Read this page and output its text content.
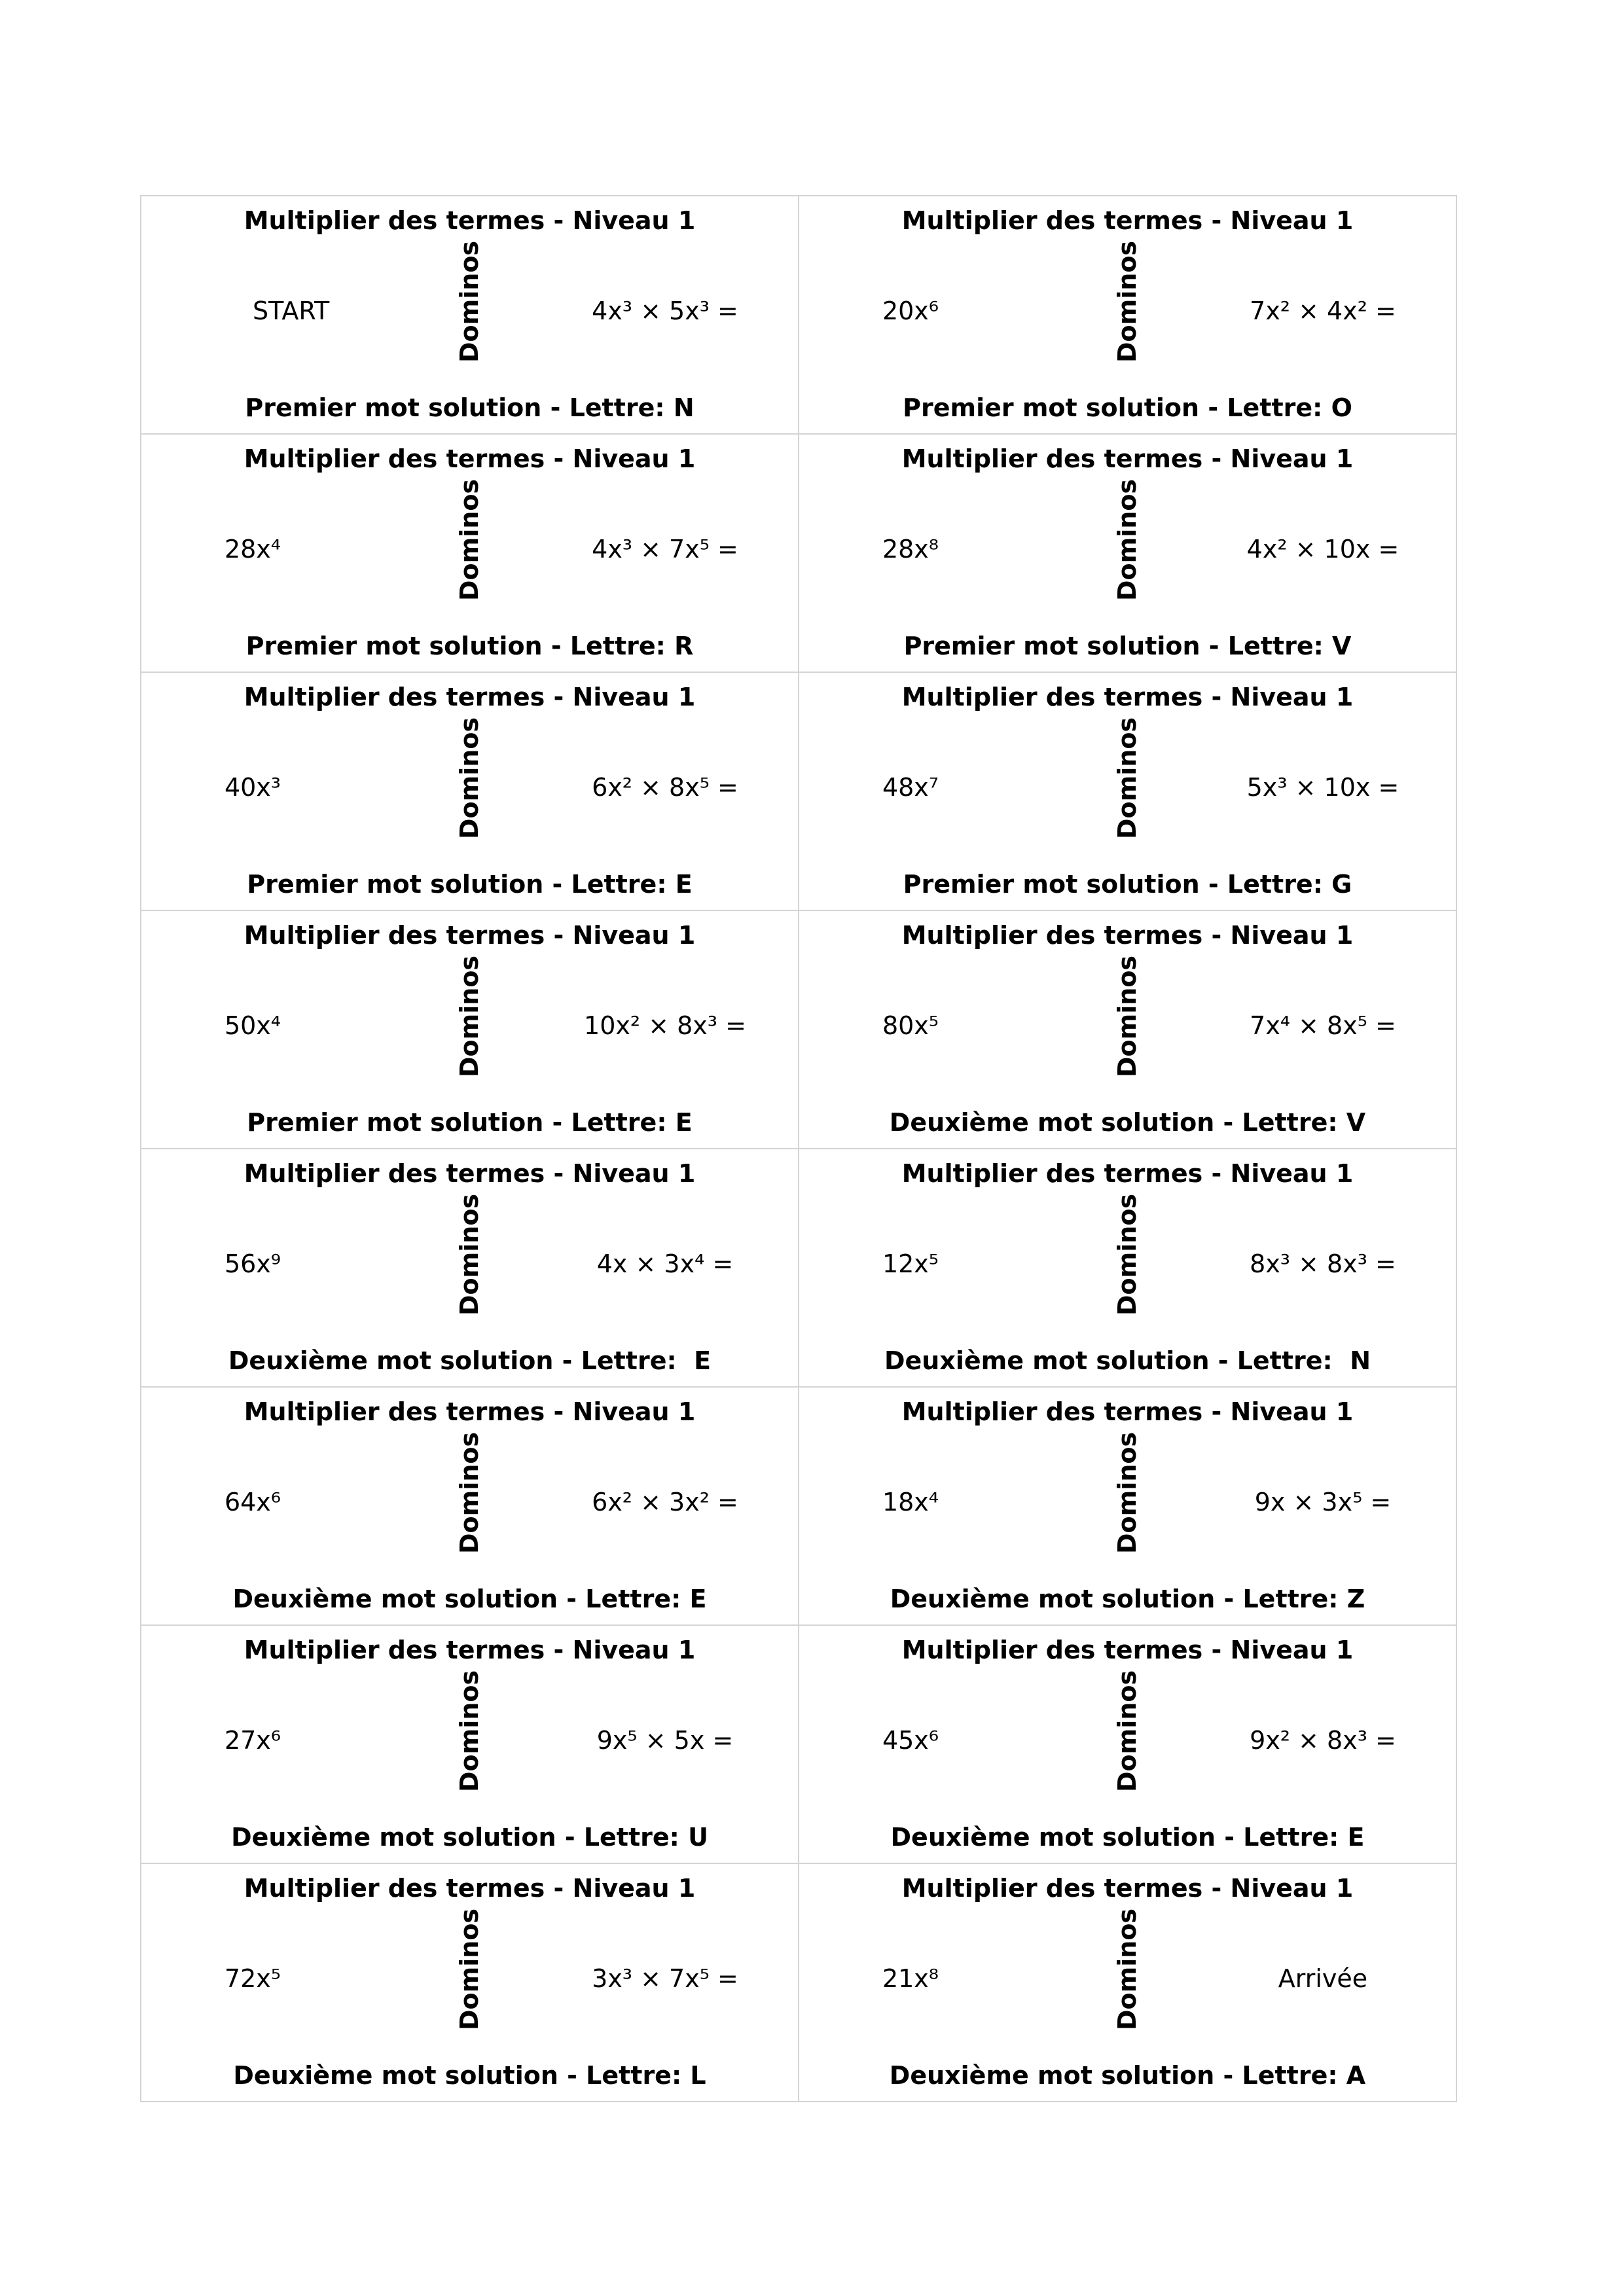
Multiplier des termes - Niveau 1
START	Dominos	4x³ × 5x³ =
Premier mot solution - Lettre: N
Multiplier des termes - Niveau 1
20x⁶	Dominos	7x² × 4x² =
Premier mot solution - Lettre: O
Multiplier des termes - Niveau 1
28x⁴	Dominos	4x³ × 7x⁵ =
Premier mot solution - Lettre: R
Multiplier des termes - Niveau 1
28x⁸	Dominos	4x² × 10x =
Premier mot solution - Lettre: V
Multiplier des termes - Niveau 1
40x³	Dominos	6x² × 8x⁵ =
Premier mot solution - Lettre: E
Multiplier des termes - Niveau 1
48x⁷	Dominos	5x³ × 10x =
Premier mot solution - Lettre: G
Multiplier des termes - Niveau 1
50x⁴	Dominos	10x² × 8x³ =
Premier mot solution - Lettre: E
Multiplier des termes - Niveau 1
80x⁵	Dominos	7x⁴ × 8x⁵ =
Deuxième mot solution - Lettre: V
Multiplier des termes - Niveau 1
56x⁹	Dominos	4x × 3x⁴ =
Deuxième mot solution - Lettre:  E
Multiplier des termes - Niveau 1
12x⁵	Dominos	8x³ × 8x³ =
Deuxième mot solution - Lettre:  N
Multiplier des termes - Niveau 1
64x⁶	Dominos	6x² × 3x² =
Deuxième mot solution - Lettre: E
Multiplier des termes - Niveau 1
18x⁴	Dominos	9x × 3x⁵ =
Deuxième mot solution - Lettre: Z
Multiplier des termes - Niveau 1
27x⁶	Dominos	9x⁵ × 5x =
Deuxième mot solution - Lettre: U
Multiplier des termes - Niveau 1
45x⁶	Dominos	9x² × 8x³ =
Deuxième mot solution - Lettre: E
Multiplier des termes - Niveau 1
72x⁵	Dominos	3x³ × 7x⁵ =
Deuxième mot solution - Lettre: L
Multiplier des termes - Niveau 1
21x⁸	Dominos	Arrivée
Deuxième mot solution - Lettre: A
